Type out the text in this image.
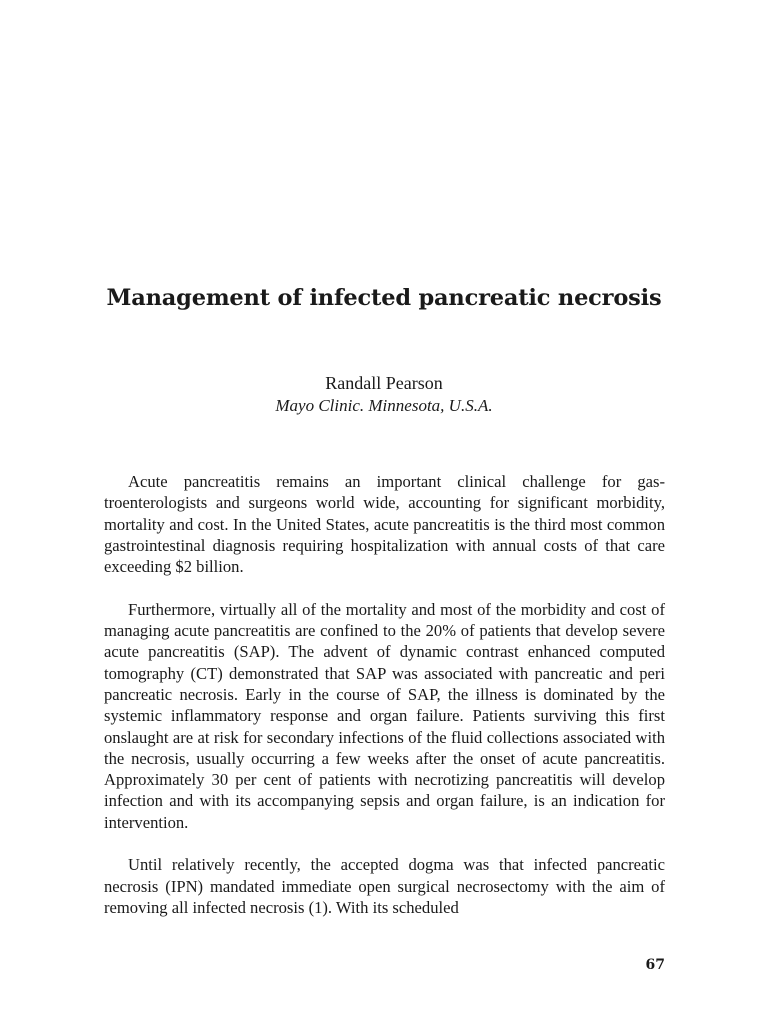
Management of infected pancreatic necrosis
Randall Pearson
Mayo Clinic. Minnesota, U.S.A.

Acute pancreatitis remains an important clinical challenge for gastroenterologists and surgeons world wide, accounting for significant morbidity, mortality and cost. In the United States, acute pancreatitis is the third most common gastrointestinal diagnosis requiring hospitalization with annual costs of that care exceeding $2 billion.

Furthermore, virtually all of the mortality and most of the morbidity and cost of managing acute pancreatitis are confined to the 20% of patients that develop severe acute pancreatitis (SAP). The advent of dynamic contrast enhanced computed tomography (CT) demonstrated that SAP was associated with pancreatic and peri pancreatic necrosis. Early in the course of SAP, the illness is dominated by the systemic inflammatory response and organ failure. Patients surviving this first onslaught are at risk for secondary infections of the fluid collections associated with the necrosis, usually occurring a few weeks after the onset of acute pancreatitis. Approximately 30 per cent of patients with necrotizing pancreatitis will develop infection and with its accompanying sepsis and organ failure, is an indication for intervention.

Until relatively recently, the accepted dogma was that infected pancreatic necrosis (IPN) mandated immediate open surgical necrosectomy with the aim of removing all infected necrosis (1). With its scheduled

67
